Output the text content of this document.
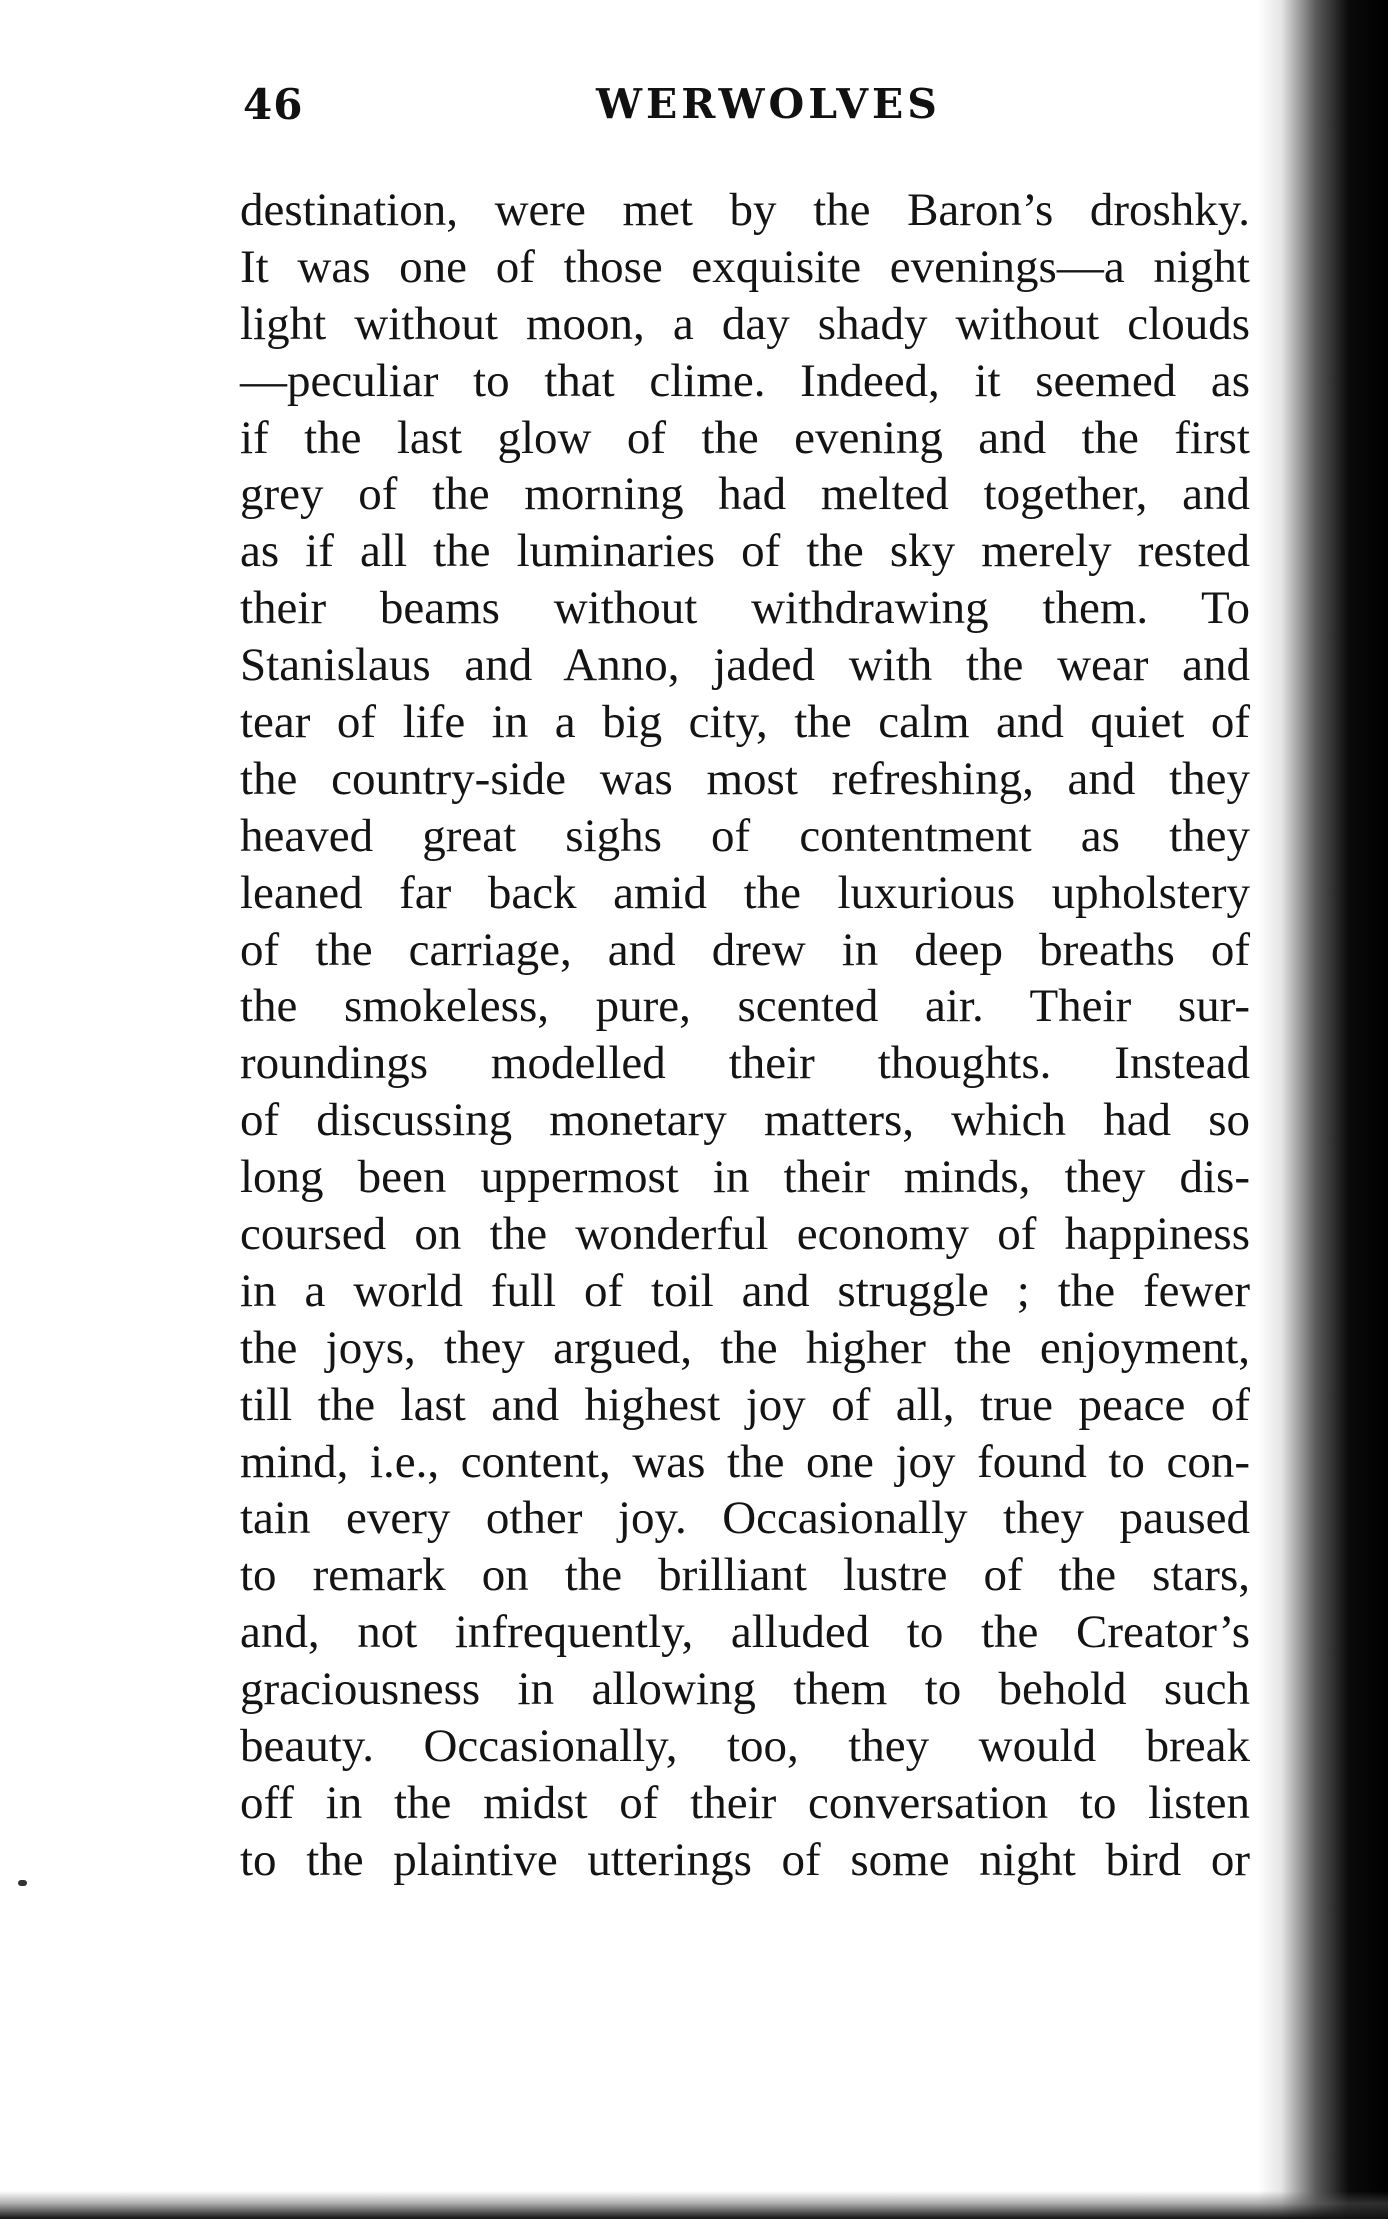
46	WERWOLVES
destination, were met by the Baron’s droshky.
It was one of those exquisite evenings—a night
light without moon, a day shady without clouds
—peculiar to that clime. Indeed, it seemed as
if the last glow of the evening and the first
grey of the morning had melted together, and
as if all the luminaries of the sky merely rested
their beams without withdrawing them. To
Stanislaus and Anno, jaded with the wear and
tear of life in a big city, the calm and quiet of
the country-side was most refreshing, and they
heaved great sighs of contentment as they
leaned far back amid the luxurious upholstery
of the carriage, and drew in deep breaths of
the smokeless, pure, scented air. Their sur-
roundings modelled their thoughts. Instead
of discussing monetary matters, which had so
long been uppermost in their minds, they dis-
coursed on the wonderful economy of happiness
in a world full of toil and struggle ; the fewer
the joys, they argued, the higher the enjoyment,
till the last and highest joy of all, true peace of
mind, i.e., content, was the one joy found to con-
tain every other joy. Occasionally they paused
to remark on the brilliant lustre of the stars,
and, not infrequently, alluded to the Creator’s
graciousness in allowing them to behold such
beauty. Occasionally, too, they would break
off in the midst of their conversation to listen
to the plaintive utterings of some night bird or
